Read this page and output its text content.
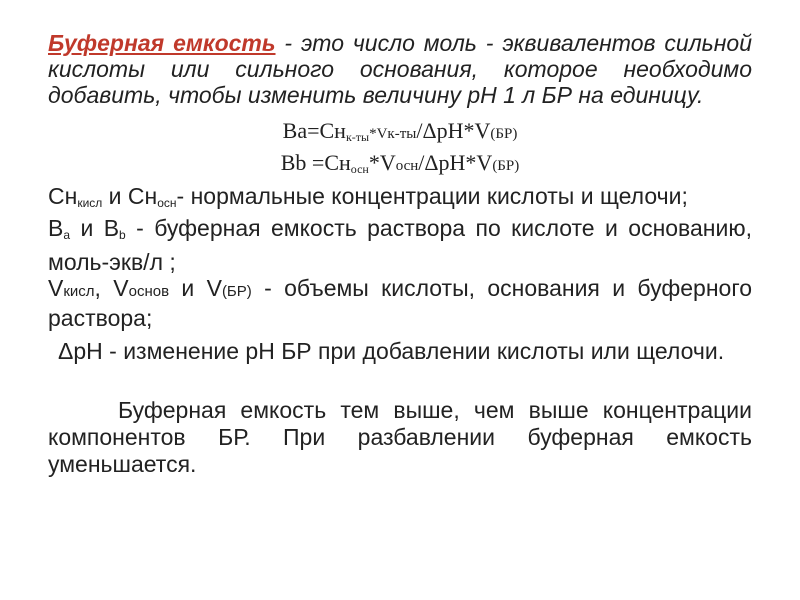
Буферная емкость - это число моль - эквивалентов сильной кислоты или сильного основания, которое необходимо добавить, чтобы изменить величину рН 1 л БР на единицу.

$Вa=Сн_{к-ты}*Vк-ты/\Delta рН*V(БР)$
Вb $=Сн_{осн}*Vосн/\Delta рН*V(БР)$

$Сн_{кисл}$ и $Сн_{осн}-$ нормальные концентрации кислоты и щелочи;

$В_a$ и $В_b$ - буферная емкость раствора по кислоте и основанию, моль-экв/л ;

Vкисл, Vоснoв и V(БР) - объемы кислоты, основания и буферного раствора;

ΔрН - изменение рН БР при добавлении кислоты или щелочи.

Буферная емкость тем выше, чем выше концентрации компонентов БР. При разбавлении буферная емкость уменьшается.
